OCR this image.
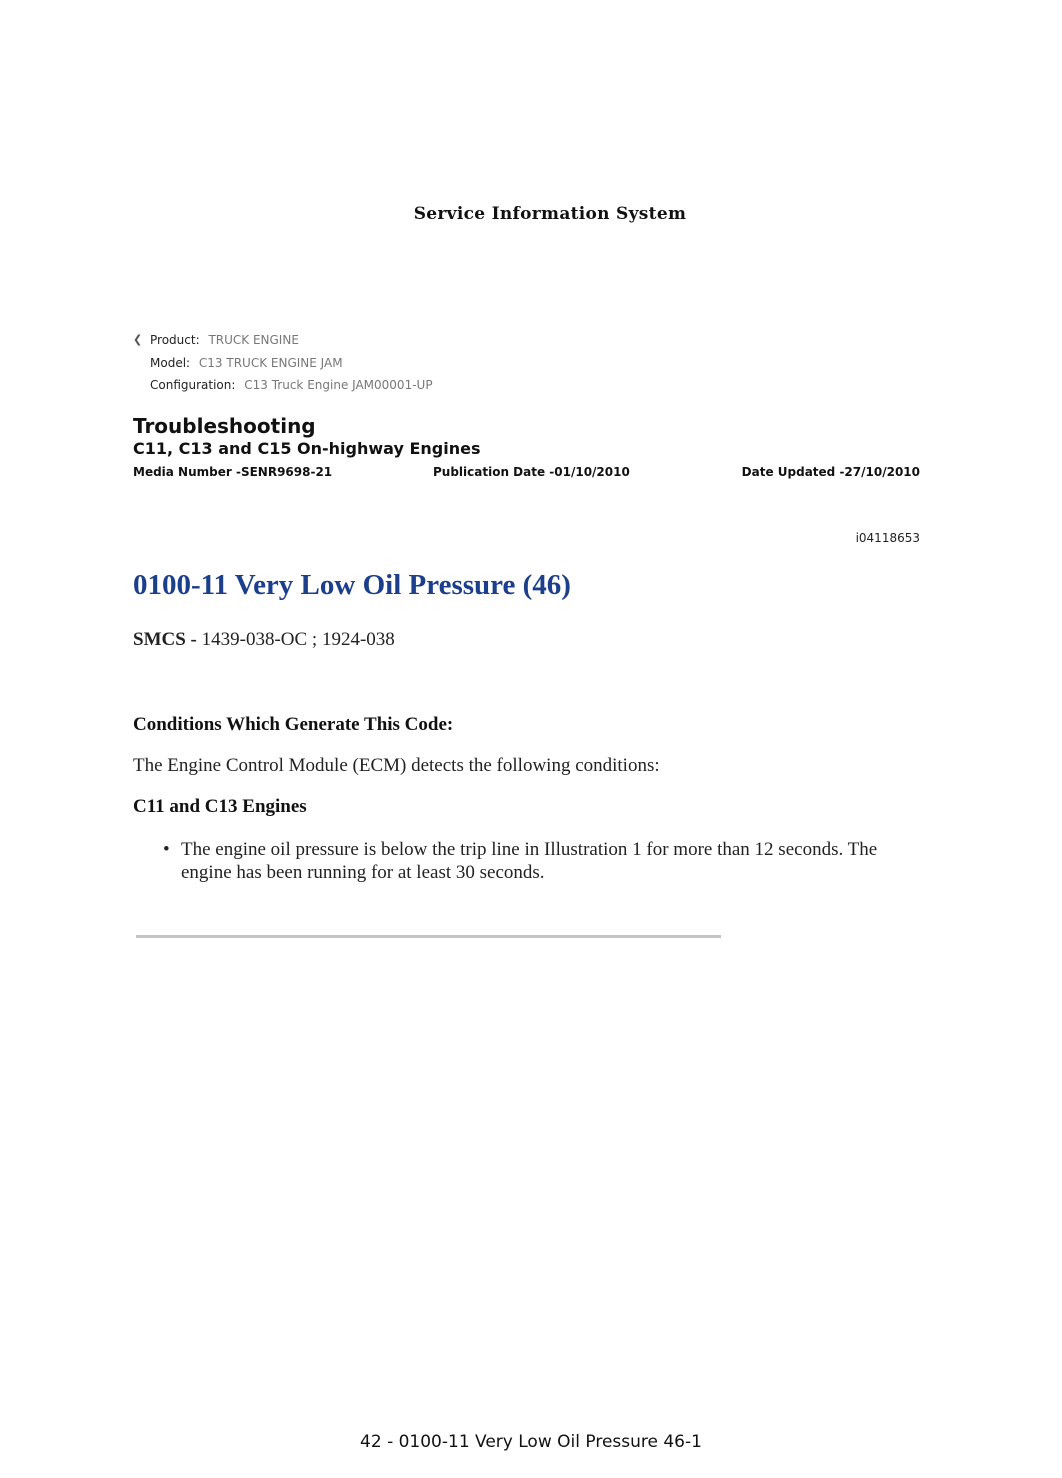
Service Information System
❮ Product: TRUCK ENGINE
Model: C13 TRUCK ENGINE JAM
Configuration: C13 Truck Engine JAM00001-UP
Troubleshooting
C11, C13 and C15 On-highway Engines
Media Number -SENR9698-21	Publication Date -01/10/2010	Date Updated -27/10/2010
i04118653
0100-11 Very Low Oil Pressure (46)
SMCS - 1439-038-OC ; 1924-038
Conditions Which Generate This Code:
The Engine Control Module (ECM) detects the following conditions:
C11 and C13 Engines
• The engine oil pressure is below the trip line in Illustration 1 for more than 12 seconds. The engine has been running for at least 30 seconds.
42 - 0100-11 Very Low Oil Pressure 46-1
